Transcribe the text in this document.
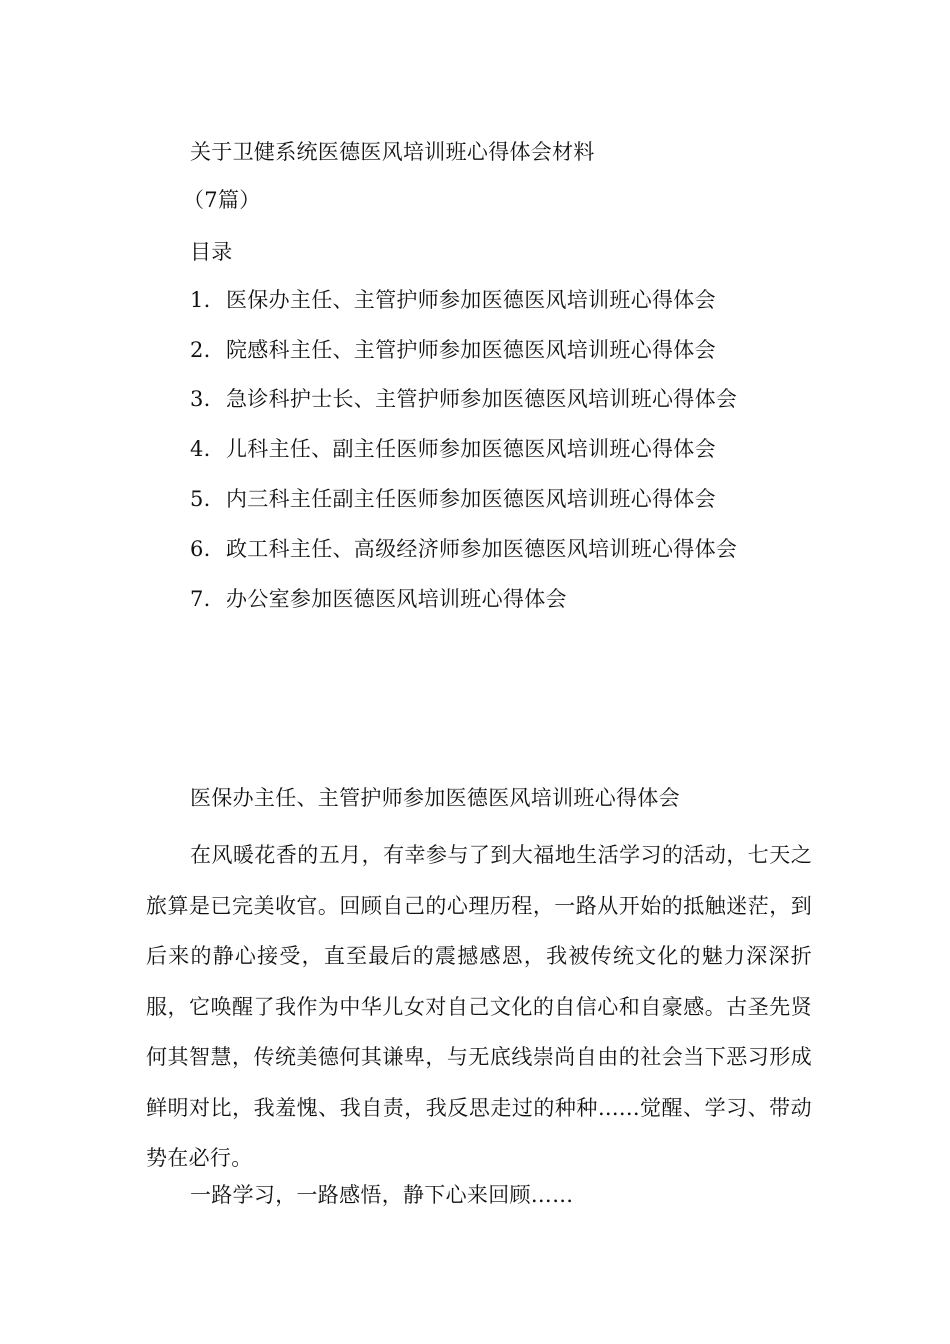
关于卫健系统医德医风培训班心得体会材料
（7篇）
目录
1. 医保办主任、主管护师参加医德医风培训班心得体会
2. 院感科主任、主管护师参加医德医风培训班心得体会
3. 急诊科护士长、主管护师参加医德医风培训班心得体会
4. 儿科主任、副主任医师参加医德医风培训班心得体会
5. 内三科主任副主任医师参加医德医风培训班心得体会
6. 政工科主任、高级经济师参加医德医风培训班心得体会
7. 办公室参加医德医风培训班心得体会
医保办主任、主管护师参加医德医风培训班心得体会

在风暖花香的五月，有幸参与了到大福地生活学习的活动，七天之旅算是已完美收官。回顾自己的心理历程，一路从开始的抵触迷茫，到后来的静心接受，直至最后的震撼感恩，我被传统文化的魅力深深折服，它唤醒了我作为中华儿女对自己文化的自信心和自豪感。古圣先贤何其智慧，传统美德何其谦卑，与无底线崇尚自由的社会当下恶习形成鲜明对比，我羞愧、我自责，我反思走过的种种......觉醒、学习、带动势在必行。

一路学习，一路感悟，静下心来回顾……
